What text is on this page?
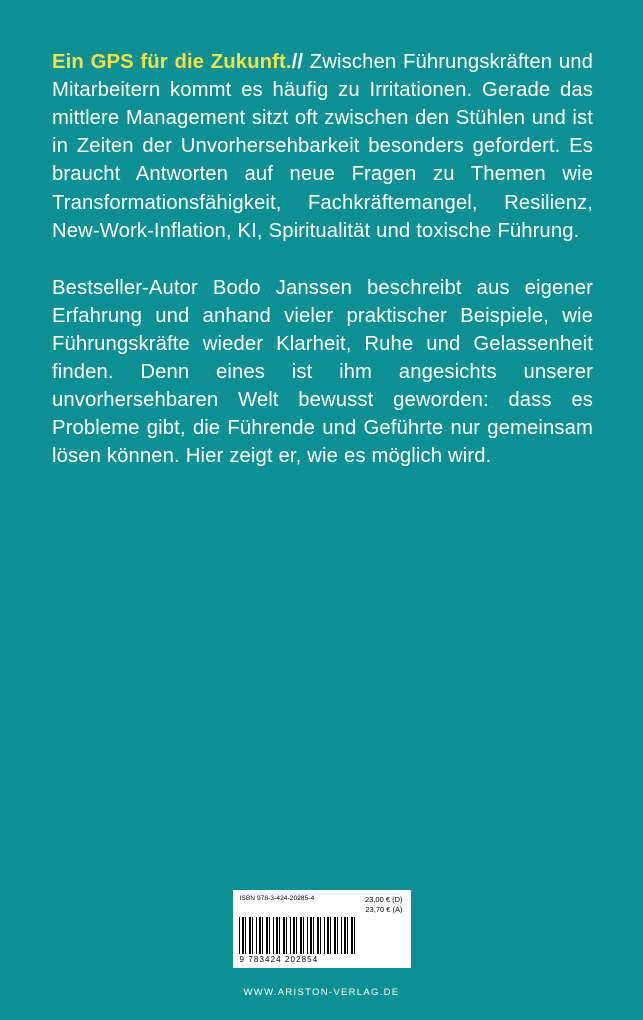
Ein GPS für die Zukunft.// Zwischen Führungskräften und Mitarbeitern kommt es häufig zu Irritationen. Gerade das mittlere Management sitzt oft zwischen den Stühlen und ist in Zeiten der Unvorhersehbarkeit besonders gefordert. Es braucht Antworten auf neue Fragen zu Themen wie Transformationsfähigkeit, Fachkräftemangel, Resilienz, New-Work-Inflation, KI, Spiritualität und toxische Führung.

Bestseller-Autor Bodo Janssen beschreibt aus eigener Erfahrung und anhand vieler praktischer Beispiele, wie Führungskräfte wieder Klarheit, Ruhe und Gelassenheit finden. Denn eines ist ihm angesichts unserer unvorhersehbaren Welt bewusst geworden: dass es Probleme gibt, die Führende und Geführte nur gemeinsam lösen können. Hier zeigt er, wie es möglich wird.

ISBN 978-3-424-20285-4	23,00 € (D)
23,70 € (A)
9 783424 202854
WWW.ARISTON-VERLAG.DE
